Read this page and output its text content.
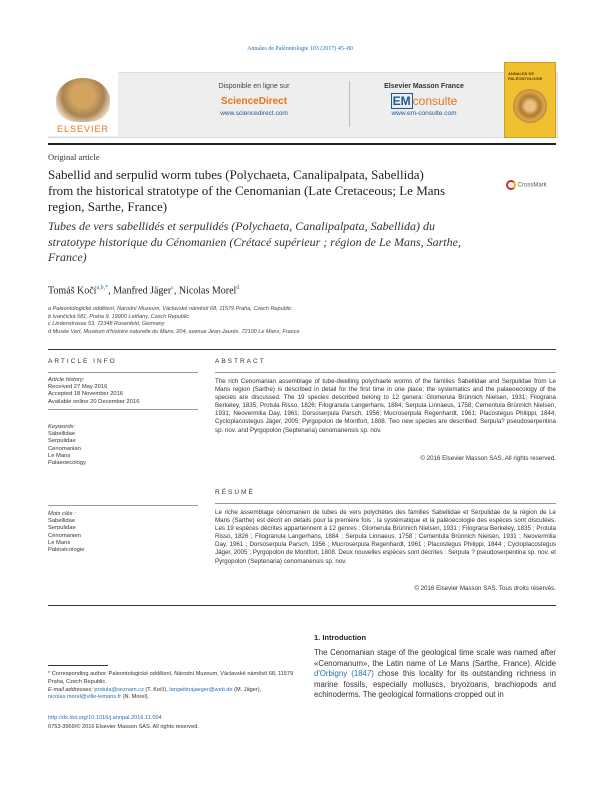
Annales de Paléontologie 103 (2017) 45–80
Disponible en ligne sur
ScienceDirect
www.sciencedirect.com
Elsevier Masson France
EM consulte
www.em-consulte.com
ELSEVIER
ANNALES DE PALÉONTOLOGIE
Original article
Sabellid and serpulid worm tubes (Polychaeta, Canalipalpata, Sabellida) from the historical stratotype of the Cenomanian (Late Cretaceous; Le Mans region, Sarthe, France)
CrossMark
Tubes de vers sabellidés et serpulidés (Polychaeta, Canalipalpata, Sabellida) du stratotype historique du Cénomanien (Crétacé supérieur ; région de Le Mans, Sarthe, France)
Tomáš Kočí$^{a,b,*}$, Manfred Jäger$^c$, Nicolas Morel$^d$
a Paleontologické oddělení, Národní Muzeum, Václavské náměstí 68, 11579 Praha, Czech Republic
b Ivančická 581, Praha 9, 19900 Letňany, Czech Republic
c Lindenstrasse 53, 72348 Rosenfeld, Germany
d Musée Vert, Muséum d'histoire naturelle du Mans, 204, avenue Jean-Jaurès, 72100 Le Mans, France
ARTICLE INFO
Article history:
Received 27 May 2016
Accepted 18 November 2016
Available online 20 December 2016
Keywords:
Sabellidae
Serpulidae
Cenomanian
Le Mans
Palaeoecology
Mots clés :
Sabellidae
Serpulidae
Cénomanien
Le Mans
Paléoécologie
ABSTRACT
The rich Cenomanian assemblage of tube-dwelling polychaete worms of the families Sabellidae and Serpulidae from Le Mans region (Sarthe) is described in detail for the first time in one place; the systematics and the palaeoecology of the species are discussed. The 19 species described belong to 12 genera: Glomerula Brünnich Nielsen, 1931; Filograna Berkeley, 1835; Protula Risso, 1826; Filogranula Langerhans, 1884; Serpula Linnaeus, 1758; Cementula Brünnich Nielsen, 1931; Neovermilia Day, 1961; Dorsoserpula Parsch, 1956; Mucroserpula Regenhardt, 1961; Placostegus Philippi, 1844; Cycloplacostegus Jäger, 2005; Pyrgopolon de Montfort, 1808. Two new species are described: Serpula? pseudoserpentina sp. nov. and Pyrgopolon (Septenaria) cenomanensis sp. nov.
© 2016 Elsevier Masson SAS. All rights reserved.
RÉSUMÉ
Le riche assemblage cénomanien de tubes de vers polychètes des familles Sabellidae et Serpulidae de la région de Le Mans (Sarthe) est décrit en détails pour la première fois ; la systématique et la paléoécologie des espèces sont discutées. Les 19 espèces décrites appartiennent à 12 genres : Glomerula Brünnich Nielsen, 1931 ; Filograna Berkeley, 1835 ; Protula Risso, 1826 ; Filogranula Langerhans, 1884 ; Serpula Linnaeus, 1758 ; Cementula Brünnich Nielsen, 1931 ; Neovermilia Day, 1961 ; Dorsoserpula Parsch, 1956 ; Mucroserpula Regenhardt, 1961 ; Placostegus Philippi, 1844 ; Cycloplacostegus Jäger, 2005 ; Pyrgopolon de Montfort, 1808. Deux nouvelles espèces sont décrites : Serpula ? pseudoserpentina sp. nov. et Pyrgopolon (Septenaria) cenomanensis sp. nov.
© 2016 Elsevier Masson SAS. Tous droits réservés.
1. Introduction
The Cenomanian stage of the geological time scale was named after «Cenomanum», the Latin name of Le Mans (Sarthe, France). Alcide d'Orbigny (1847) chose this locality for its outstanding richness in marine fossils, especially molluscs, bryozoans, brachiopods and echinoderms. The geological formations cropped out in
* Corresponding author. Paleontologické oddělení, Národní Muzeum, Václavské náměstí 68, 11579 Praha, Czech Republic.
E-mail addresses: protula@seznam.cz (T. Kočí), langeitinajaeger@web.de (M. Jäger), nicolas.morel@ville-lemans.fr (N. Morel).
http://dx.doi.org/10.1016/j.annpal.2016.11.004
0753-3969/© 2016 Elsevier Masson SAS. All rights reserved.
